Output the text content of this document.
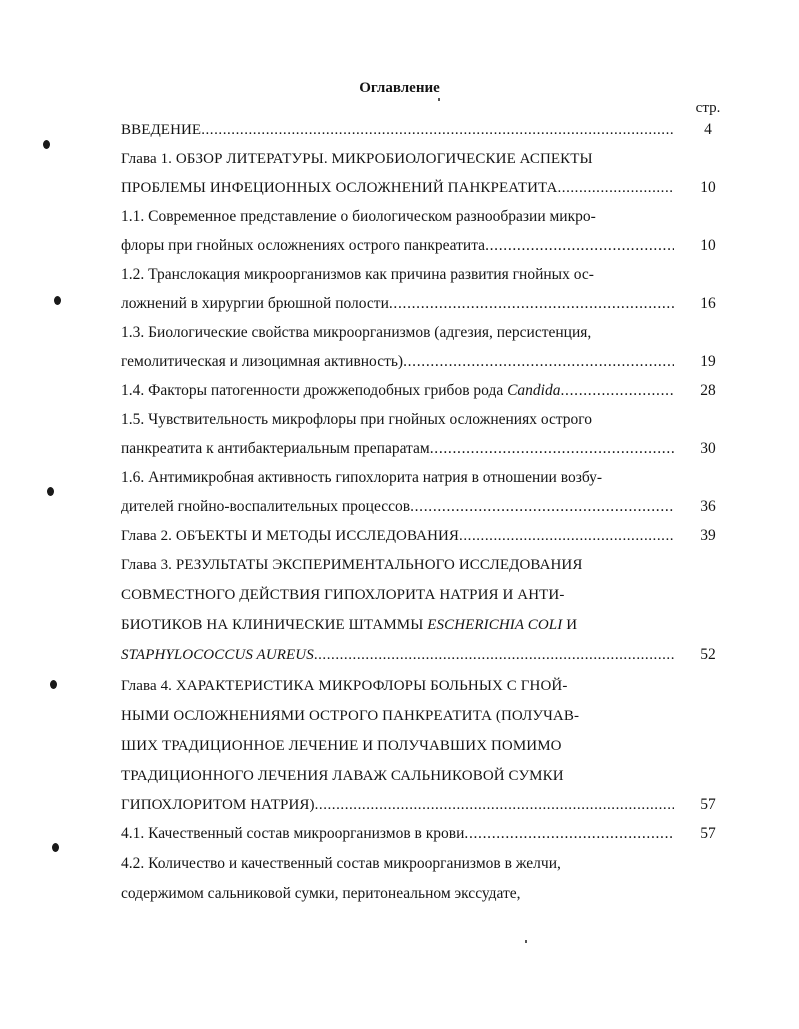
Оглавление
стр.
ВВЕДЕНИЕ . . .	4
Глава 1. ОБЗОР ЛИТЕРАТУРЫ. МИКРОБИОЛОГИЧЕСКИЕ АСПЕКТЫ
ПРОБЛЕМЫ ИНФЕЦИОННЫХ ОСЛОЖНЕНИЙ ПАНКРЕАТИТА . . .	10
1.1. Современное представление о биологическом разнообразии микро-
флоры при гнойных осложнениях острого панкреатита . . .	10
1.2. Транслокация микроорганизмов как причина развития гнойных ос-
ложнений в хирургии брюшной полости . . .	16
1.3. Биологические свойства микроорганизмов (адгезия, персистенция,
гемолитическая и лизоцимная активность) . . .	19
1.4. Факторы патогенности дрожжеподобных грибов рода Candida . . .	28
1.5. Чувствительность микрофлоры при гнойных осложнениях острого
панкреатита к антибактериальным препаратам . . .	30
1.6. Антимикробная активность гипохлорита натрия в отношении возбу-
дителей гнойно-воспалительных процессов . . .	36
Глава 2. ОБЪЕКТЫ И МЕТОДЫ ИССЛЕДОВАНИЯ . . .	39
Глава 3. РЕЗУЛЬТАТЫ ЭКСПЕРИМЕНТАЛЬНОГО ИССЛЕДОВАНИЯ
СОВМЕСТНОГО ДЕЙСТВИЯ ГИПОХЛОРИТА НАТРИЯ И АНТИ-
БИОТИКОВ НА КЛИНИЧЕСКИЕ ШТАММЫ ESCHERICHIA COLI И
STAPHYLOCOCCUS AUREUS . . .	52
Глава 4. ХАРАКТЕРИСТИКА МИКРОФЛОРЫ БОЛЬНЫХ С ГНОЙ-
НЫМИ ОСЛОЖНЕНИЯМИ ОСТРОГО ПАНКРЕАТИТА (ПОЛУЧАВ-
ШИХ ТРАДИЦИОННОЕ ЛЕЧЕНИЕ И ПОЛУЧАВШИХ ПОМИМО
ТРАДИЦИОННОГО ЛЕЧЕНИЯ ЛАВАЖ САЛЬНИКОВОЙ СУМКИ
ГИПОХЛОРИТОМ НАТРИЯ) . . .	57
4.1. Качественный состав микроорганизмов в крови . . .	57
4.2. Количество и качественный состав микроорганизмов в желчи,
содержимом сальниковой сумки, перитонеальном экссудате,
